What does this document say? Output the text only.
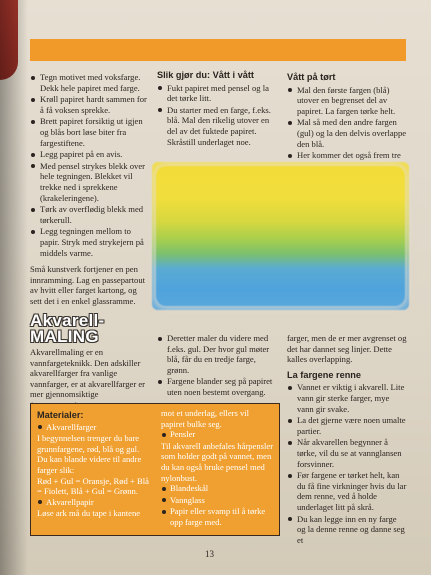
Tegn motivet med voksfarge. Dekk hele papiret med farge.
Krøll papiret hardt sammen for å få voksen sprekke.
Brett papiret forsiktig ut igjen og blås bort løse biter fra fargestiftene.
Legg papiret på en avis.
Med pensel strykes blekk over hele tegningen. Blekket vil trekke ned i sprekkene (krakeleringene).
Tørk av overflødig blekk med tørkerull.
Legg tegningen mellom to papir. Stryk med strykejern på middels varme.

Små kunstverk fortjener en pen innramming. Lag en passepartout av hvitt eller farget kartong, og sett det i en enkel glassramme.

Slik gjør du: Vått i vått
Fukt papiret med pensel og la det tørke litt.
Du starter med en farge, f.eks. blå. Mal den rikelig utover en del av det fuktede papiret. Skråstill underlaget noe.
Vått på tørt
Mal den første fargen (blå) utover en begrenset del av papiret. La fargen tørke helt.
Mal så med den andre fargen (gul) og la den delvis overlappe den blå.
Her kommer det også frem tre
Akvarell-
MALING

Akvarellmaling er en vannfargeteknikk. Den adskiller akvarellfarger fra vanlige vannfarger, er at akvarellfarger er mer gjennomsiktige

Materialer:
Akvarellfarger

I begynnelsen trenger du bare grunnfargene, rød, blå og gul. Du kan blande videre til andre farger slik:

Rød + Gul = Oransje, Rød + Blå = Fiolett, Blå + Gul = Grønn.

Akvarellpapir

Løse ark må du tape i kantene

mot et underlag, ellers vil papiret bulke seg.

Pensler

Til akvarell anbefales hårpensler som holder godt på vannet, men du kan også bruke pensel med nylonbust.

Blandeskål
Vannglass
Papir eller svamp til å tørke opp farge med.
Deretter maler du videre med f.eks. gul. Der hvor gul møter blå, får du en tredje farge, grønn.
Fargene blander seg på papiret uten noen bestemt overgang.

farger, men de er mer avgrenset og det har dannet seg linjer. Dette kalles overlapping.

La fargene renne
Vannet er viktig i akvarell. Lite vann gir sterke farger, mye vann gir svake.
La det gjerne være noen umalte partier.
Når akvarellen begynner å tørke, vil du se at vannglansen forsvinner.
Før fargene er tørket helt, kan du få fine virkninger hvis du lar dem renne, ved å holde underlaget litt på skrå.
Du kan legge inn en ny farge og la denne renne og danne seg et
13
